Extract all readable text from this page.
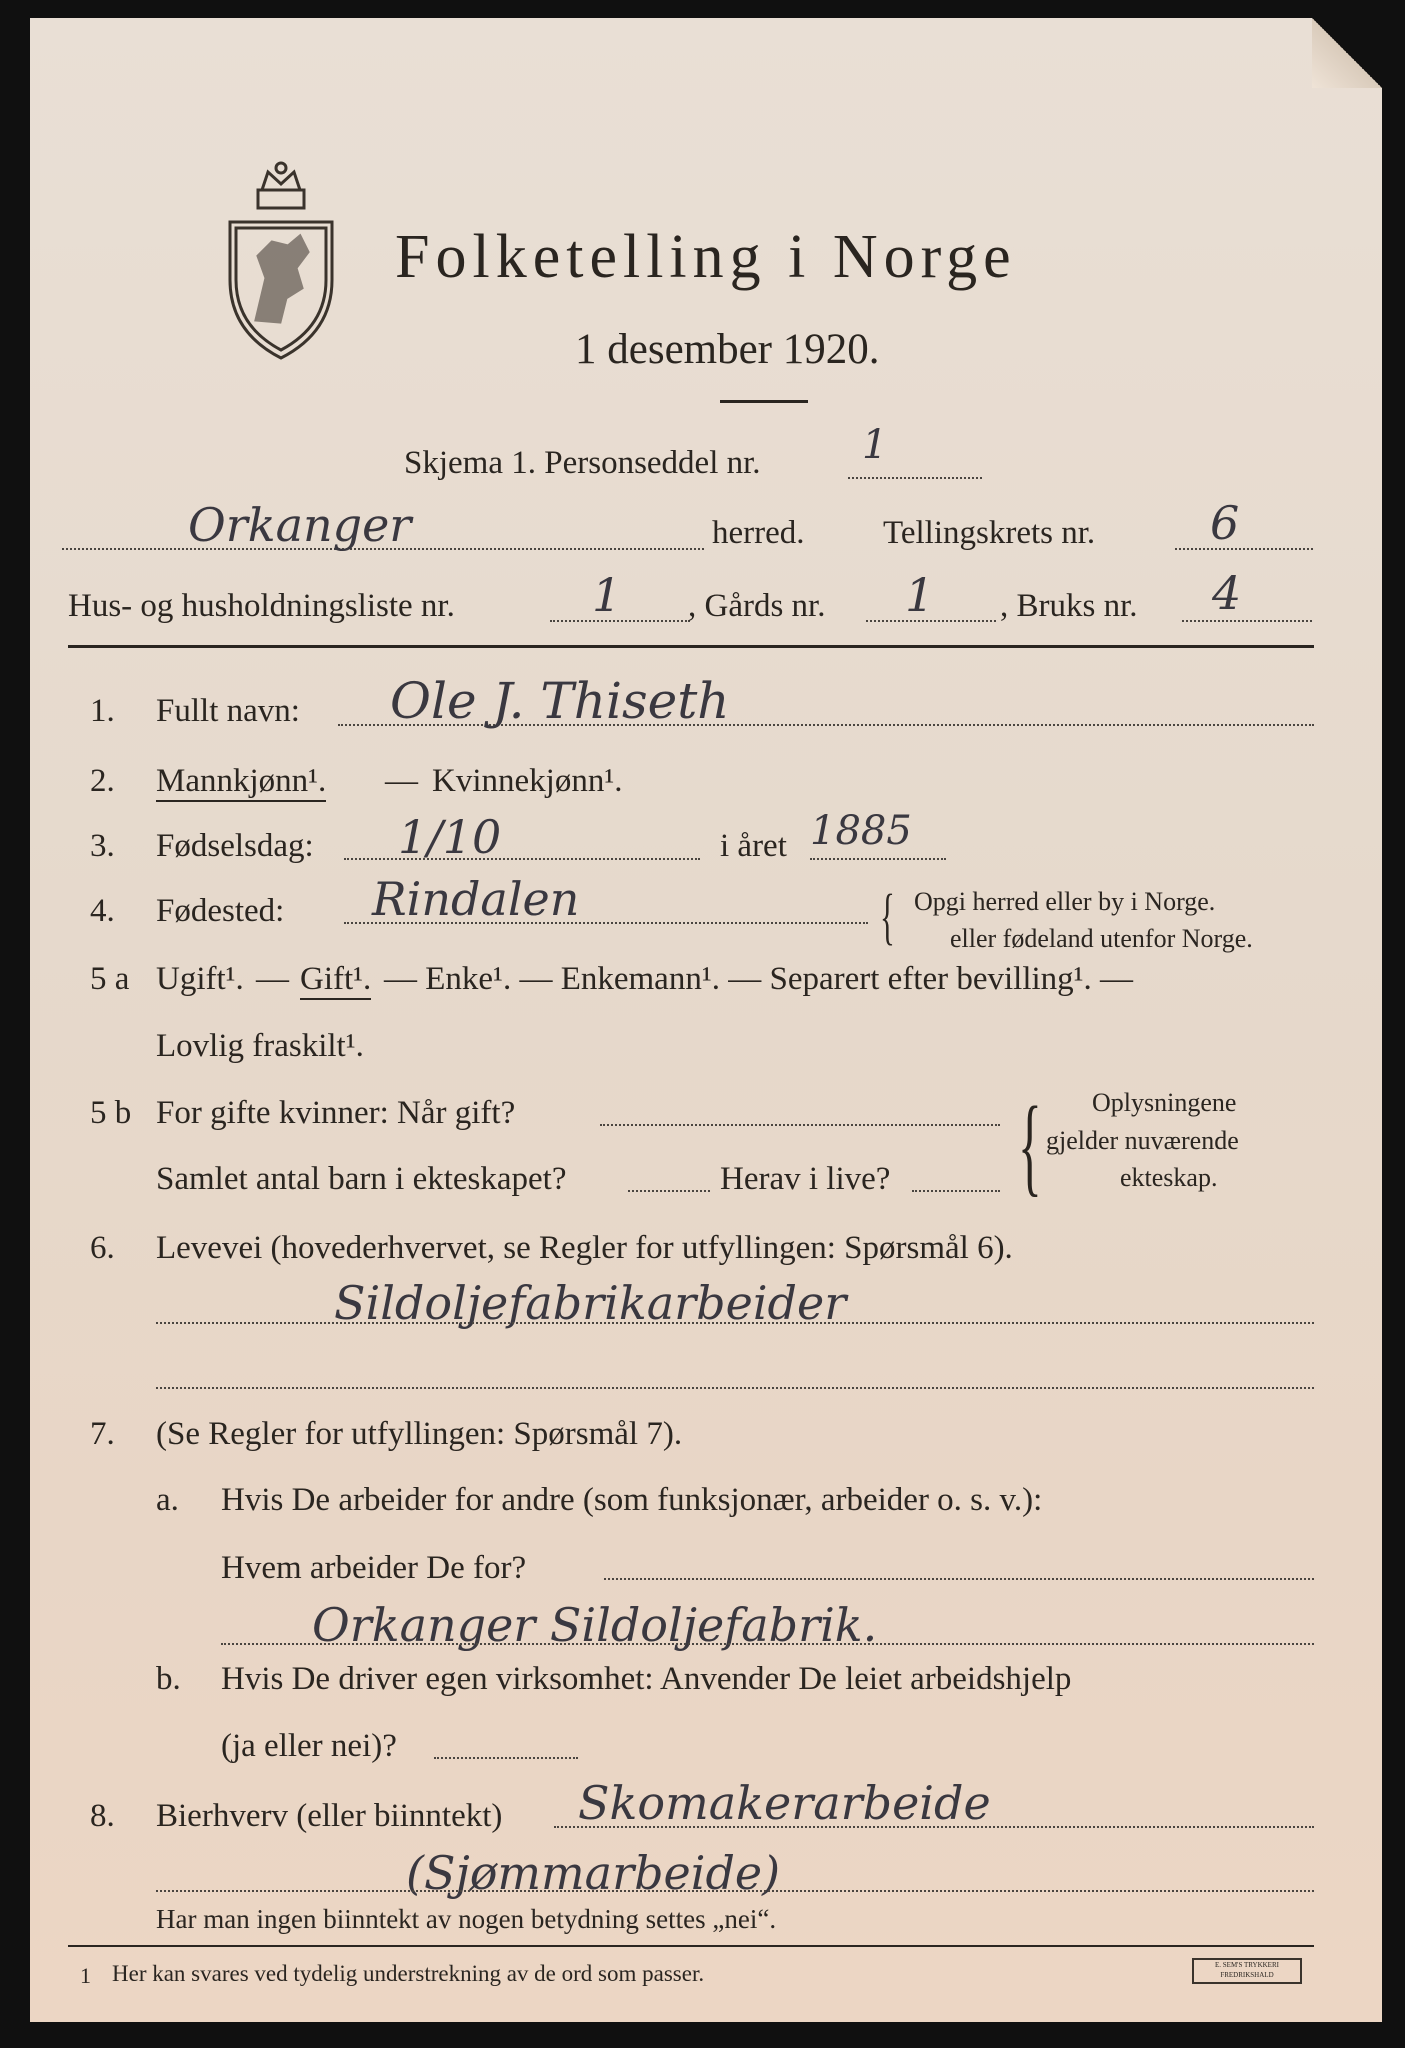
Folketelling i Norge
1 desember 1920.
Skjema 1. Personseddel nr.	1
Orkanger	herred. Tellingskrets nr. 6
Hus- og husholdningsliste nr.	1 , Gårds nr. 1 , Bruks nr. 4
1. Fullt navn: Ole J. Thiseth
2. Mannkjønn¹. — Kvinnekjønn¹.
3. Fødselsdag: 1/10	i året 1885
4. Fødested: Rindalen	{ Opgi herred eller by i Norge.
eller fødeland utenfor Norge.
5 a Ugift¹. — Gift¹. — Enke¹. — Enkemann¹. — Separert efter bevilling¹. —
Lovlig fraskilt¹.
5 b For gifte kvinner: Når gift?
Samlet antal barn i ekteskapet?	Herav i live? { Oplysningene
gjelder nuværende
ekteskap.
6. Levevei (hovederhvervet, se Regler for utfyllingen: Spørsmål 6).
Sildoljefabrikarbeider
7. (Se Regler for utfyllingen: Spørsmål 7).
a. Hvis De arbeider for andre (som funksjonær, arbeider o. s. v.):
Hvem arbeider De for?
Orkanger Sildoljefabrik.
b. Hvis De driver egen virksomhet: Anvender De leiet arbeidshjelp
(ja eller nei)?
8. Bierhverv (eller biinntekt) Skomakerarbeide
(Sjømmarbeide)
Har man ingen biinntekt av nogen betydning settes „nei“.
1 Her kan svares ved tydelig understrekning av de ord som passer.	E. SEM'S TRYKKERI FREDRIKSHALD
